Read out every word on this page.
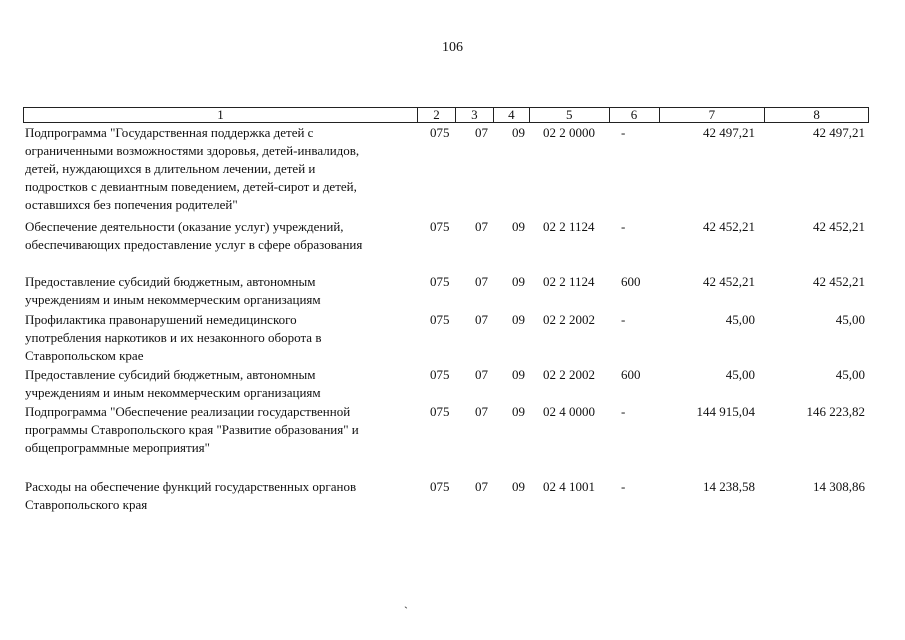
106
1	2	3	4	5	6	7	8
Подпрограмма "Государственная поддержка детей с
ограниченными возможностями здоровья, детей-инвалидов,
детей, нуждающихся в длительном лечении, детей и
подростков с девиантным поведением, детей-сирот и детей,
оставшихся без попечения родителей"
075 07 09 02 2 0000 -	42 497,21	42 497,21
Обеспечение деятельности (оказание услуг) учреждений,
обеспечивающих предоставление услуг в сфере образования
075 07 09 02 2 1124 -	42 452,21	42 452,21
Предоставление субсидий бюджетным, автономным
учреждениям и иным некоммерческим организациям
075 07 09 02 2 1124 600	42 452,21	42 452,21
Профилактика правонарушений немедицинского
употребления наркотиков и их незаконного оборота в
Ставропольском крае
075 07 09 02 2 2002 -	45,00	45,00
Предоставление субсидий бюджетным, автономным
учреждениям и иным некоммерческим организациям
075 07 09 02 2 2002 600	45,00	45,00
Подпрограмма "Обеспечение реализации государственной
программы Ставропольского края "Развитие образования" и
общепрограммные мероприятия"
075 07 09 02 4 0000 -	144 915,04	146 223,82
Расходы на обеспечение функций государственных органов
Ставропольского края
075 07 09 02 4 1001 -	14 238,58	14 308,86
`
